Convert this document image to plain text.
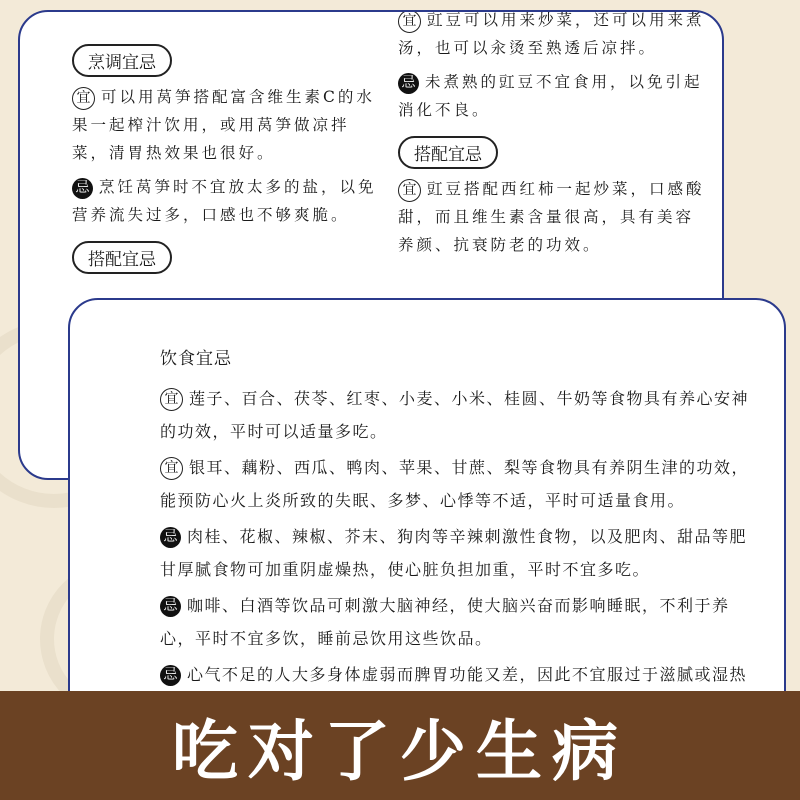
烹调宜忌
宜 可以用莴笋搭配富含维生素C的水果一起榨汁饮用，或用莴笋做凉拌菜，清胃热效果也很好。
忌 烹饪莴笋时不宜放太多的盐，以免营养流失过多，口感也不够爽脆。
搭配宜忌
宜 豇豆可以用来炒菜，还可以用来煮汤，也可以汆烫至熟透后凉拌。
忌 未煮熟的豇豆不宜食用，以免引起消化不良。
搭配宜忌
宜 豇豆搭配西红柿一起炒菜，口感酸甜，而且维生素含量很高，具有美容养颜、抗衰防老的功效。
饮食宜忌
宜 莲子、百合、茯苓、红枣、小麦、小米、桂圆、牛奶等食物具有养心安神的功效，平时可以适量多吃。
宜 银耳、藕粉、西瓜、鸭肉、苹果、甘蔗、梨等食物具有养阴生津的功效，能预防心火上炎所致的失眠、多梦、心悸等不适，平时可适量食用。
忌 肉桂、花椒、辣椒、芥末、狗肉等辛辣刺激性食物，以及肥肉、甜品等肥甘厚腻食物可加重阴虚燥热，使心脏负担加重，平时不宜多吃。
忌 咖啡、白酒等饮品可刺激大脑神经，使大脑兴奋而影响睡眠，不利于养心，平时不宜多饮，睡前忌饮用这些饮品。
忌 心气不足的人大多身体虚弱而脾胃功能又差，因此不宜服过于滋腻或湿热
吃对了少生病
